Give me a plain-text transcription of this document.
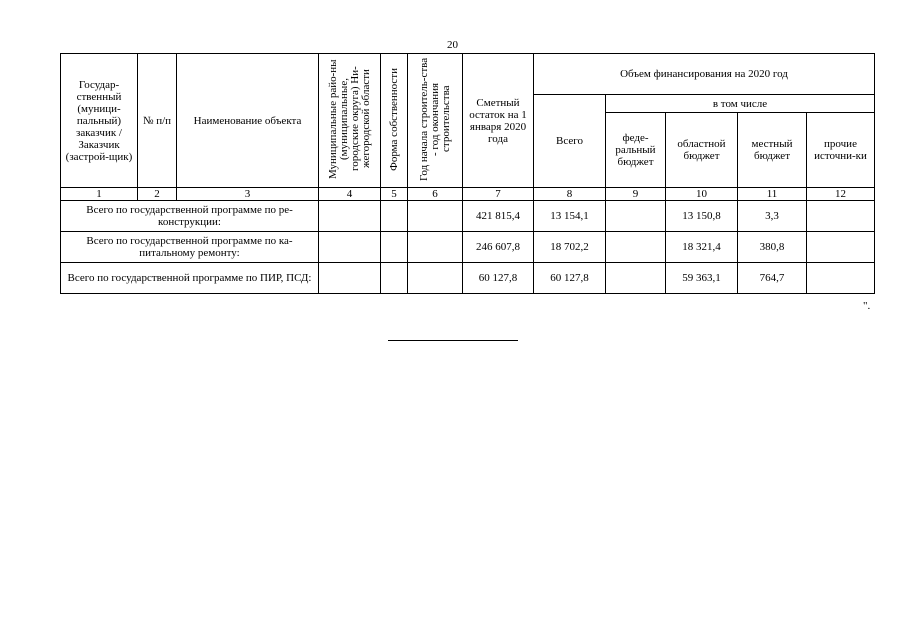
20
Государ-ственный (муници-пальный) заказчик / Заказчик (застрой-щик)	№ п/п	Наименование объекта	Муниципальные райо-ны (муниципальные, городские округа) Ни-жегородской области	Форма собственности	Год начала строитель-ства - год окончания строительства	Сметный остаток на 1 января 2020 года	Объем финансирования на 2020 год				
							Всего	в том числе			
								феде-ральный бюджет	областной бюджет	местный бюджет	прочие источни-ки
1	2	3	4	5	6	7	8	9	10	11	12
Всего по государственной программе по ре-конструкции:						421 815,4	13 154,1		13 150,8	3,3	
Всего по государственной программе по ка-питальному ремонту:						246 607,8	18 702,2		18 321,4	380,8	
Всего по государственной программе по ПИР, ПСД:						60 127,8	60 127,8		59 363,1	764,7	
".
